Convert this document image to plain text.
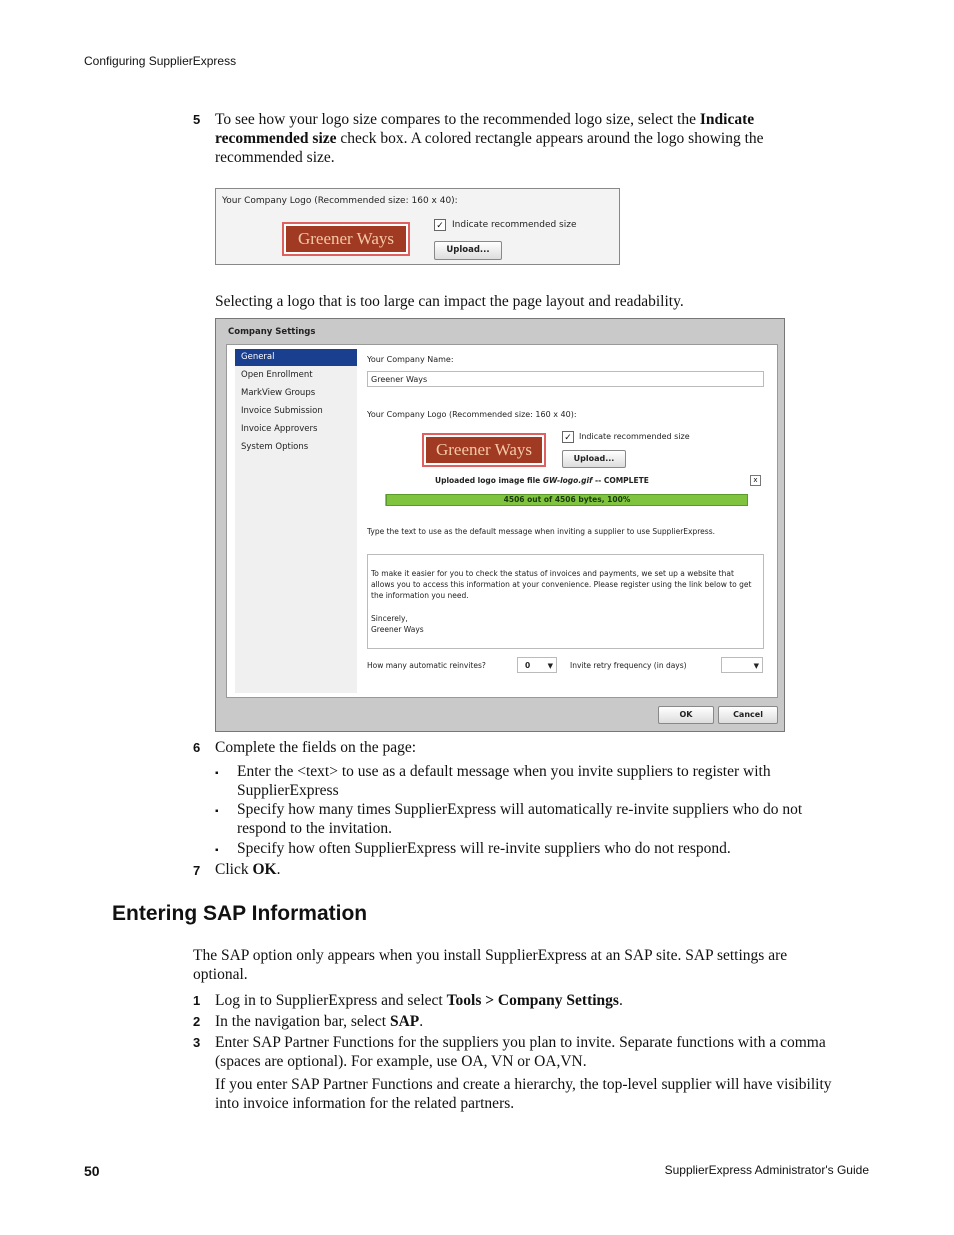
Configuring SupplierExpress
5 To see how your logo size compares to the recommended logo size, select the Indicate recommended size check box. A colored rectangle appears around the logo showing the recommended size.
Your Company Logo (Recommended size: 160 x 40):
Greener Ways
✓ Indicate recommended size
Upload...
Selecting a logo that is too large can impact the page layout and readability.
Company Settings
General
Open Enrollment
MarkView Groups
Invoice Submission
Invoice Approvers
System Options
Your Company Name:
Greener Ways
Your Company Logo (Recommended size: 160 x 40):
Greener Ways
✓ Indicate recommended size
Upload...
Uploaded logo image file GW-logo.gif -- COMPLETE	x
4506 out of 4506 bytes, 100%
Type the text to use as the default message when inviting a supplier to use SupplierExpress.
To make it easier for you to check the status of invoices and payments, we set up a website that allows you to access this information at your convenience. Please register using the link below to get the information you need.
Sincerely,
Greener Ways
How many automatic reinvites?	0 ▼ Invite retry frequency (in days)	▼
OK	Cancel
6 Complete the fields on the page:
▪ Enter the <text> to use as a default message when you invite suppliers to register with SupplierExpress
▪ Specify how many times SupplierExpress will automatically re-invite suppliers who do not respond to the invitation.
▪ Specify how often SupplierExpress will re-invite suppliers who do not respond.
7 Click OK.
Entering SAP Information
The SAP option only appears when you install SupplierExpress at an SAP site. SAP settings are optional.
1 Log in to SupplierExpress and select Tools > Company Settings.
2 In the navigation bar, select SAP.
3 Enter SAP Partner Functions for the suppliers you plan to invite. Separate functions with a comma (spaces are optional). For example, use OA, VN or OA,VN.
If you enter SAP Partner Functions and create a hierarchy, the top-level supplier will have visibility into invoice information for the related partners.
50	SupplierExpress Administrator's Guide
